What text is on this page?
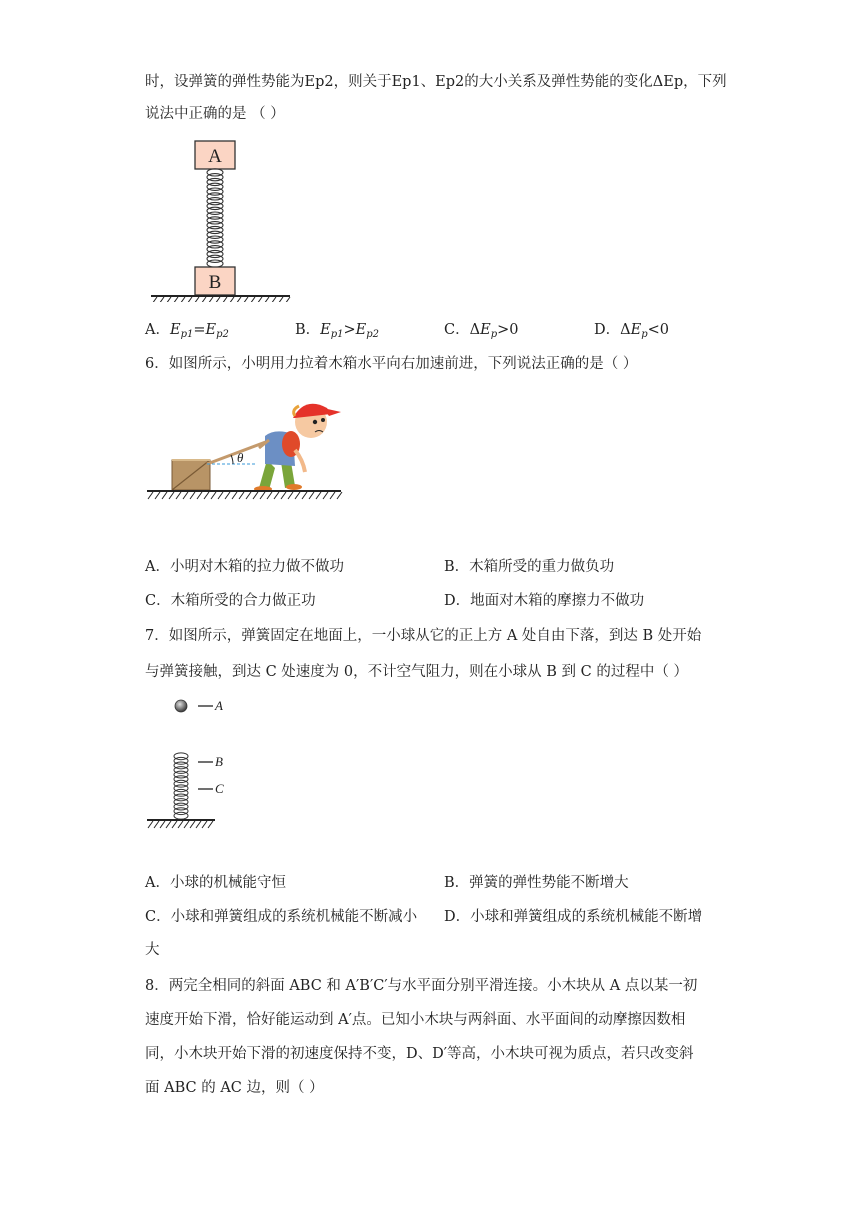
时，设弹簧的弹性势能为Ep2，则关于Ep1、Ep2的大小关系及弹性势能的变化ΔEp，下列
说法中正确的是 （ ）
A
B
A．$E_{p1}=E_{p2}$	B．$E_{p1}>E_{p2}$	C．$\Delta E_p>0$	D．$\Delta E_p<0$
6．如图所示，小明用力拉着木箱水平向右加速前进，下列说法正确的是（ ）
θ
A．小明对木箱的拉力做不做功	B．木箱所受的重力做负功
C．木箱所受的合力做正功	D．地面对木箱的摩擦力不做功
7．如图所示，弹簧固定在地面上，一小球从它的正上方 A 处自由下落，到达 B 处开始
与弹簧接触，到达 C 处速度为 0，不计空气阻力，则在小球从 B 到 C 的过程中（ ）
A
B
C
A．小球的机械能守恒	B．弹簧的弹性势能不断增大
C．小球和弹簧组成的系统机械能不断减小 D．小球和弹簧组成的系统机械能不断增
大
8．两完全相同的斜面 ABC 和 A′B′C′与水平面分别平滑连接。小木块从 A 点以某一初
速度开始下滑，恰好能运动到 A′点。已知小木块与两斜面、水平面间的动摩擦因数相
同，小木块开始下滑的初速度保持不变，D、D′等高，小木块可视为质点，若只改变斜
面 ABC 的 AC 边，则（ ）
